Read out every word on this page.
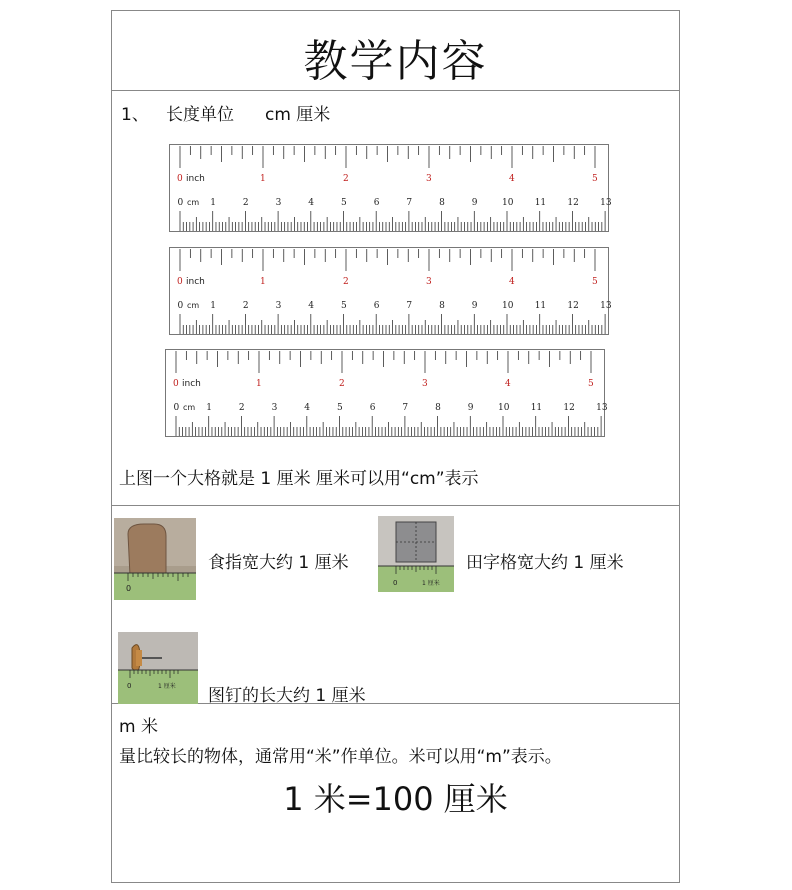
教学内容
1、 长度单位 cm 厘米
0	1	2	3	4	5
inch
0	1	2	3	4	5	6	7	8	9	10 11 12 13
cm
0	1	2	3	4	5
inch
0	1	2	3	4	5	6	7	8	9	10 11 12 13
cm
0	1	2	3	4	5
inch
0	1	2	3	4	5	6	7	8	9	10 11 12 13
cm
上图一个大格就是 1 厘米 厘米可以用“cm”表示
0
食指宽大约 1 厘米
0	1 厘米
田字格宽大约 1 厘米
0	1 厘米 图钉的长大约 1 厘米
m 米
量比较长的物体，通常用“米”作单位。米可以用“m”表示。
1 米=100 厘米
